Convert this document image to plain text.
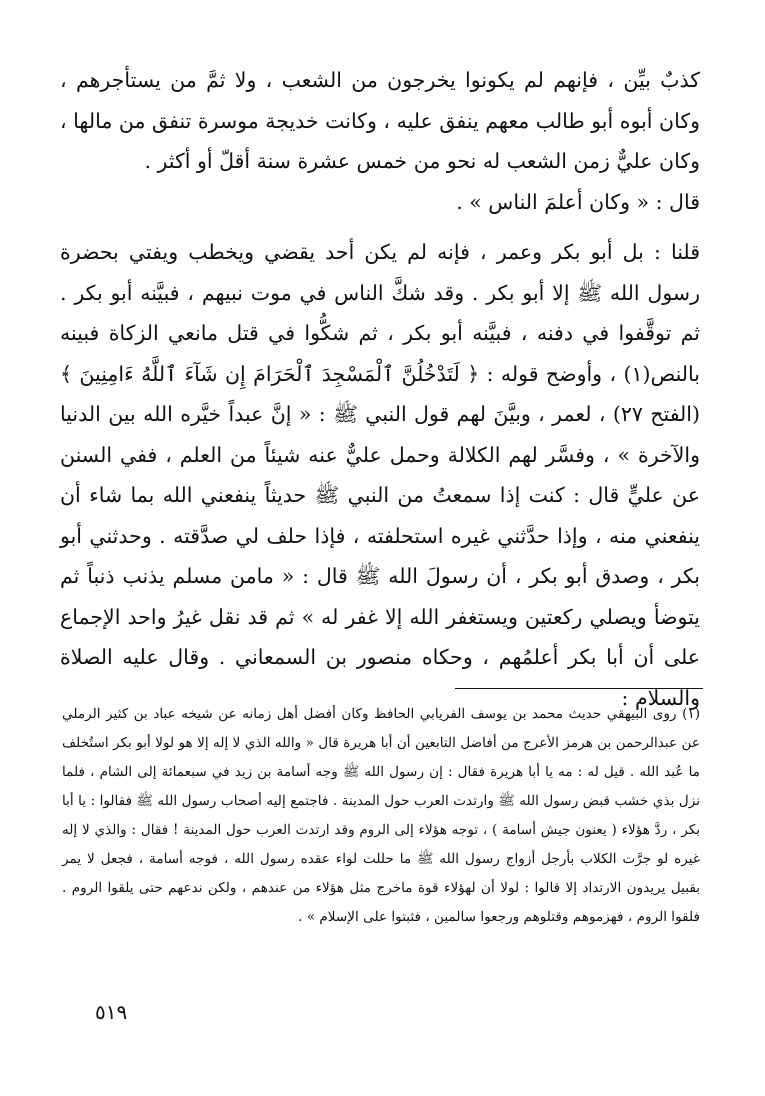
كذبٌ بيِّن ، فإنهم لم يكونوا يخرجون من الشعب ، ولا ثمَّ من يستأجرهم ، وكان أبوه أبو طالب معهم ينفق عليه ، وكانت خديجة موسرة تنفق من مالها ، وكان عليٌّ زمن الشعب له نحو من خمس عشرة سنة أقلّ أو أكثر .

قال : « وكان أعلمَ الناس » .

قلنا : بل أبو بكر وعمر ، فإنه لم يكن أحد يقضي ويخطب ويفتي بحضرة رسول الله ﷺ إلا أبو بكر . وقد شكَّ الناس في موت نبيهم ، فبيَّنه أبو بكر . ثم توقَّفوا في دفنه ، فبيَّنه أبو بكر ، ثم شكُّوا في قتل مانعي الزكاة فبينه بالنص(١) ، وأوضح قوله : ﴿ لَتَدْخُلُنَّ ٱلْمَسْجِدَ ٱلْحَرَامَ إِن شَآءَ ٱللَّهُ ءَامِنِينَ ﴾ (الفتح ٢٧) ، لعمر ، وبيَّنَ لهم قول النبي ﷺ : « إنَّ عبداً خيَّره الله بين الدنيا والآخرة » ، وفسَّر لهم الكلالة وحمل عليٌّ عنه شيئاً من العلم ، ففي السنن عن عليٍّ قال : كنت إذا سمعتُ من النبي ﷺ حديثاً ينفعني الله بما شاء أن ينفعني منه ، وإذا حدَّثني غيره استحلفته ، فإذا حلف لي صدَّقته . وحدثني أبو بكر ، وصدق أبو بكر ، أن رسولَ الله ﷺ قال : « مامن مسلم يذنب ذنباً ثم يتوضأ ويصلي ركعتين ويستغفر الله إلا غفر له » ثم قد نقل غيرُ واحد الإجماع على أن أبا بكر أعلمُهم ، وحكاه منصور بن السمعاني . وقال عليه الصلاة والسلام :

(١) روى البيهقي حديث محمد بن يوسف الفريابي الحافظ وكان أفضل أهل زمانه عن شيخه عباد بن كثير الرملي عن عبدالرحمن بن هرمز الأعرج من أفاضل التابعين أن أبا هريرة قال « والله الذي لا إله إلا هو لولا أبو بكر استُخلف ما عُبد الله . قيل له : مه يا أبا هريرة فقال : إن رسول الله ﷺ وجه أسامة بن زيد في سبعمائة إلى الشام ، فلما نزل بذي خشب قبض رسول الله ﷺ وارتدت العرب حول المدينة . فاجتمع إليه أصحاب رسول الله ﷺ فقالوا : يا أبا بكر ، ردَّ هؤلاء ( يعنون جيش أسامة ) ، توجه هؤلاء إلى الروم وقد ارتدت العرب حول المدينة ! فقال : والذي لا إله غيره لو جرَّت الكلاب بأرجل أزواج رسول الله ﷺ ما حللت لواء عقده رسول الله ، فوجه أسامة ، فجعل لا يمر بقبيل يريدون الارتداد إلا قالوا : لولا أن لهؤلاء قوة ماخرج مثل هؤلاء من عندهم ، ولكن ندعهم حتى يلقوا الروم . فلقوا الروم ، فهزموهم وقتلوهم ورجعوا سالمين ، فثبتوا على الإسلام » .

٥١٩
